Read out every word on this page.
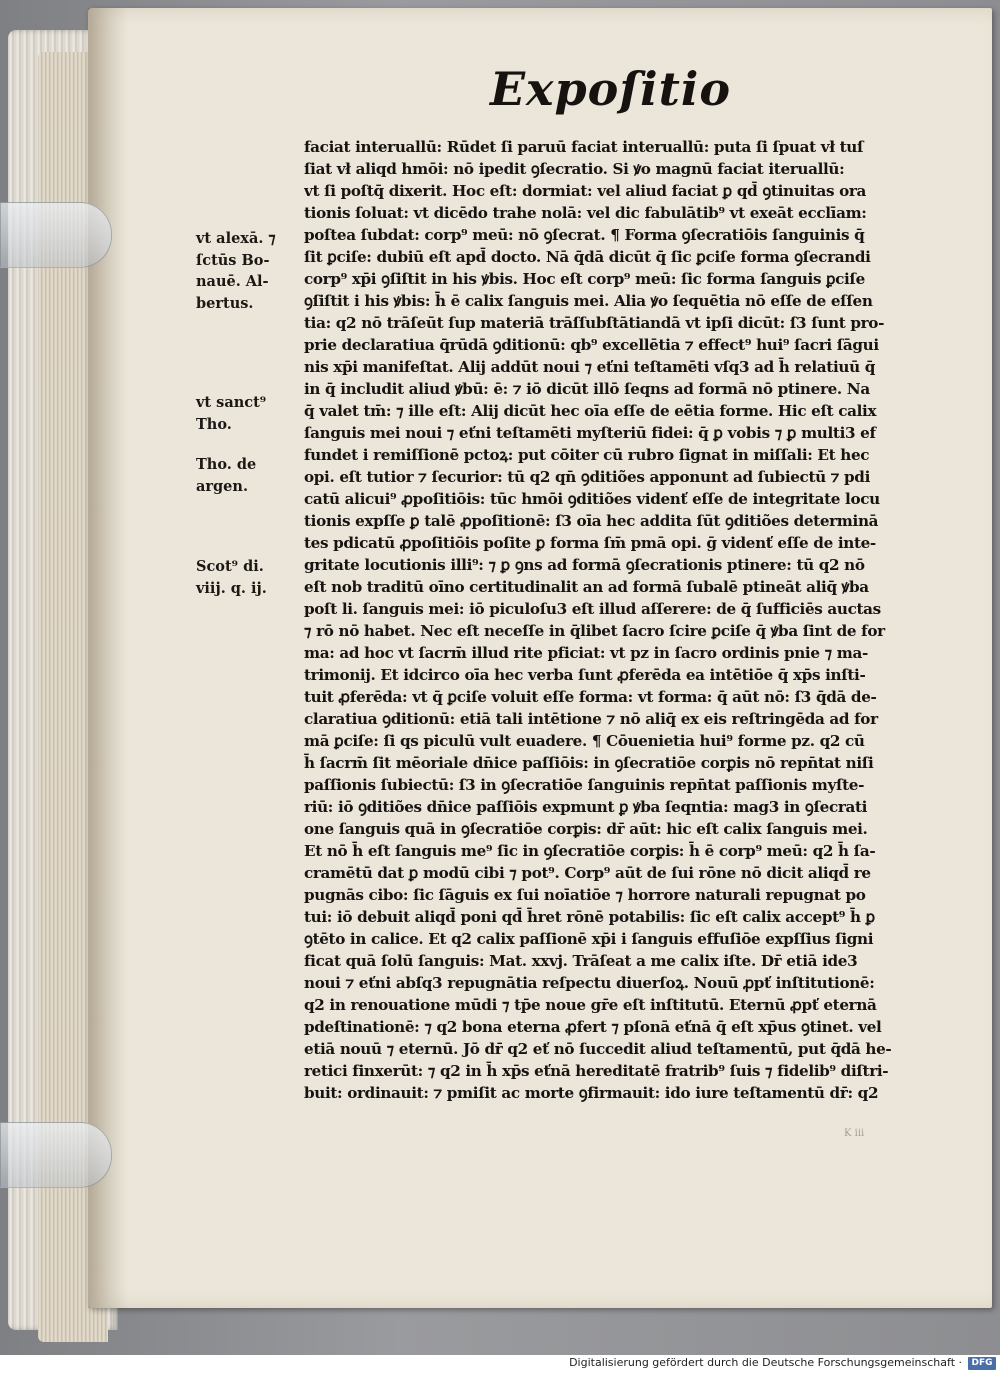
Expoſitio

vt alexā. ⁊
ſctūs Bo-
nauē. Al-
bertus.

vt sanct⁹
Tho.

Tho. de
argen.

Scot⁹ di.
viij. q. ij.

faciat interuallū: Rūdet ſi paruū faciat interuallū: puta ſi ſpuat vł tuſ
ſiat vł aliqd hmōi: nō ipedit ꝯſecratio. Si ꝟo magnū faciat iteruallū:
vt ſi poſtq̄ dixerit. Hoc eſt: dormiat: vel aliud faciat ꝑ qd̄ ꝯtinuitas ora
tionis ſoluat: vt dicēdo trahe nolā: vel dic fabulātib⁹ vt exeāt ecclīam:
poſtea ſubdat: corp⁹ meū: nō ꝯſecrat. ¶ Forma ꝯſecratiōis ſanguinis q̄
ſit ꝑciſe: dubiū eſt apd̄ docto. Nā q̄dā dicūt q̄ ſic ꝑciſe forma ꝯſecrandi
corp⁹ xp̄i ꝯſiſtit in his ꝟbis. Hoc eſt corp⁹ meū: ſic forma ſanguis ꝑciſe
ꝯſiſtit i his ꝟbis: h̄ ē calix ſanguis mei. Alia ꝟo ſequētia nō eſſe de eſſen
tia: q2 nō trāſeūt ſup materiā trāſſubſtātiandā vt ipſi dicūt: ſ3 ſunt pro-
prie declaratiua q̄rūdā ꝯditionū: qb⁹ excellētia ⁊ effect⁹ hui⁹ ſacri ſāgui
nis xp̄i manifeſtat. Alij addūt noui ⁊ eťni teſtamēti vſq3 ad h̄ relatiuū q̄
in q̄ includit aliud ꝟbū: ē: ⁊ iō dicūt illō ſeqns ad formā nō ptinere. Na
q̄ valet tm̄: ⁊ ille eſt: Alij dicūt hec oīa eſſe de eētia forme. Hic eſt calix
ſanguis mei noui ⁊ eťni teſtamēti myſteriū fidei: q̄ ꝑ vobis ⁊ ꝑ multi3 ef
fundet i remiſſionē pctoꝝ: put cōiter cū rubro ſignat in miſſali: Et hec
opi. eſt tutior ⁊ ſecurior: tū q2 qn̄ ꝯditiões apponunt ad ſubiectū ⁊ pdi
catū alicui⁹ ꝓpoſitiōis: tūc hmōi ꝯditiões videnť eſſe de integritate locu
tionis expſſe ꝑ talē ꝓpoſitionē: ſ3 oīa hec addita ſūt ꝯditiões determinā
tes pdicatū ꝓpoſitiōis poſite ꝑ forma ſm̄ pmā opi. ḡ videnť eſſe de inte-
gritate locutionis illi⁹: ⁊ ꝑ ꝯns ad formā ꝯſecrationis ptinere: tū q2 nō
eſt nob traditū oīno certitudinalit an ad formā ſubalē ptineāt aliq̄ ꝟba
poſt li. ſanguis mei: iō piculoſu3 eſt illud aſſerere: de q̄ ſufficiēs auctas
⁊ rō nō habet. Nec eſt neceſſe in q̄libet ſacro ſcire ꝑciſe q̄ ꝟba ſint de for
ma: ad hoc vt ſacrm̄ illud rite pficiat: vt pz in ſacro ordinis pnie ⁊ ma-
trimonij. Et idcirco oīa hec verba ſunt ꝓferēda ea intētiōe q̄ xp̄s inſti-
tuit ꝓferēda: vt q̄ ꝑciſe voluit eſſe forma: vt forma: q̄ aūt nō: ſ3 q̄dā de-
claratiua ꝯditionū: etiā tali intētione ⁊ nō aliq̄ ex eis reſtringēda ad for
mā ꝑciſe: ſi qs piculū vult euadere. ¶ Cōuenietia hui⁹ forme pz. q2 cū
h̄ ſacrm̄ ſit mēoriale dn̄ice paſſiōis: in ꝯſecratiōe corꝑis nō repn̄tat niſi
paſſionis ſubiectū: ſ3 in ꝯſecratiōe ſanguinis repn̄tat paſſionis myſte-
riū: iō ꝯditiões dn̄ice paſſiōis expmunt ꝑ ꝟba ſeqntia: mag3 in ꝯſecrati
one ſanguis quā in ꝯſecratiōe corꝑis: dr̄ aūt: hic eſt calix ſanguis mei.
Et nō h̄ eſt ſanguis me⁹ ſic in ꝯſecratiōe corꝑis: h̄ ē corp⁹ meū: q2 h̄ ſa-
cramētū dat ꝑ modū cibi ⁊ pot⁹. Corp⁹ aūt de ſui rōne nō dicit aliqd̄ re
pugnās cibo: ſic ſāguis ex ſui noīatiōe ⁊ horrore naturali repugnat po
tui: iō debuit aliqd̄ poni qd̄ h̄ret rōnē potabilis: ſic eſt calix accept⁹ h̄ ꝑ
ꝯtēto in calice. Et q2 calix paſſionē xp̄i i ſanguis effuſiōe expſſius ſigni
ficat quā ſolū ſanguis: Mat. xxvj. Trāſeat a me calix iſte. Dr̄ etiā ide3
noui ⁊ eťni abſq3 repugnātia reſpectu diuerſoꝝ. Nouū ꝓpť inſtitutionē:
q2 in renouatione mūdi ⁊ tp̄e noue gr̄e eſt inſtitutū. Eternū ꝓpť eternā
pdeſtinationē: ⁊ q2 bona eterna ꝓfert ⁊ pſonā eťnā q̄ eſt xp̄us ꝯtinet. vel
etiā nouū ⁊ eternū. Jō dr̄ q2 eť nō ſuccedit aliud teſtamentū, put q̄dā he-
retici finxerūt: ⁊ q2 in h̄ xp̄s eťnā hereditatē fratrib⁹ ſuis ⁊ fidelib⁹ diſtri-
buit: ordinauit: ⁊ pmiſit ac morte ꝯfirmauit: ido iure teſtamentū dr̄: q2
K iii
Digitalisierung gefördert durch die Deutsche Forschungsgemeinschaft ·	DFG
